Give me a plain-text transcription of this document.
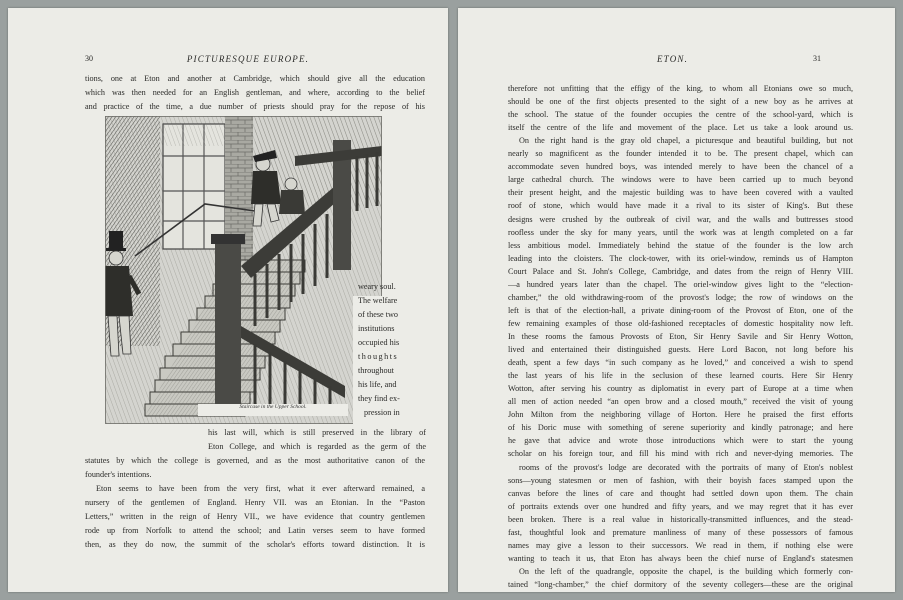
30	PICTURESQUE EUROPE.
tions, one at Eton and another at Cambridge, which should give all the education
which was then needed for an English gentleman, and where, according to the belief
and practice of the time, a due number of priests should pray for the repose of his
Staircase in the Upper School.
weary soul.
The welfare
of these two
institutions
occupied his
thoughts
throughout
his life, and
they find ex-
pression in
his last will, which is still preserved in the library of
Eton College, and which is regarded as the germ of the
statutes by which the college is governed, and as the most authoritative canon of the
founder's intentions.
Eton seems to have been from the very first, what it ever afterward remained, a
nursery of the gentlemen of England. Henry VII. was an Etonian. In the “Paston
Letters,” written in the reign of Henry VII., we have evidence that country gentlemen
rode up from Norfolk to attend the school; and Latin verses seem to have formed
then, as they do now, the summit of the scholar's efforts toward distinction. It is
ETON.	31
therefore not unfitting that the effigy of the king, to whom all Etonians owe so much,
should be one of the first objects presented to the sight of a new boy as he arrives at
the school. The statue of the founder occupies the centre of the school-yard, which is
itself the centre of the life and movement of the place. Let us take a look around us.
On the right hand is the gray old chapel, a picturesque and beautiful building, but not
nearly so magnificent as the founder intended it to be. The present chapel, which can
accommodate seven hundred boys, was intended merely to have been the chancel of a
large cathedral church. The windows were to have been carried up to much beyond
their present height, and the majestic building was to have been covered with a vaulted
roof of stone, which would have made it a rival to its sister of King's. But these
designs were crushed by the outbreak of civil war, and the walls and buttresses stood
roofless under the sky for many years, until the work was at length completed on a far
less ambitious model. Immediately behind the statue of the founder is the low arch
leading into the cloisters. The clock-tower, with its oriel-window, reminds us of Hampton
Court Palace and St. John's College, Cambridge, and dates from the reign of Henry VIII.
—a hundred years later than the chapel. The oriel-window gives light to the “election-
chamber,” the old withdrawing-room of the provost's lodge; the row of windows on the
left is that of the election-hall, a private dining-room of the Provost of Eton, one of the
few remaining examples of those old-fashioned receptacles of domestic hospitality now left.
In these rooms the famous Provosts of Eton, Sir Henry Savile and Sir Henry Wotton,
lived and entertained their distinguished guests. Here Lord Bacon, not long before his
death, spent a few days “in such company as he loved,” and conceived a wish to spend
the last years of his life in the seclusion of these learned courts. Here Sir Henry
Wotton, after serving his country as diplomatist in every part of Europe at a time when
all men of action needed “an open brow and a closed mouth,” received the visit of young
John Milton from the neighboring village of Horton. Here he praised the first efforts
of his Doric muse with something of serene superiority and kindly patronage; and here
he gave that advice and wrote those introductions which were to start the young
scholar on his foreign tour, and fill his mind with rich and never-dying memories. The
rooms of the provost's lodge are decorated with the portraits of many of Eton's noblest
sons—young statesmen or men of fashion, with their boyish faces stamped upon the
canvas before the lines of care and thought had settled down upon them. The chain
of portraits extends over one hundred and fifty years, and we may regret that it has ever
been broken. There is a real value in historically-transmitted influences, and the stead-
fast, thoughtful look and premature manliness of many of these possessors of famous
names may give a lesson to their successors. We read in them, if nothing else were
wanting to teach it us, that Eton has always been the chief nurse of England's statesmen
On the left of the quadrangle, opposite the chapel, is the building which formerly con-
tained “long-chamber,” the chief dormitory of the seventy collegers—these are the original
